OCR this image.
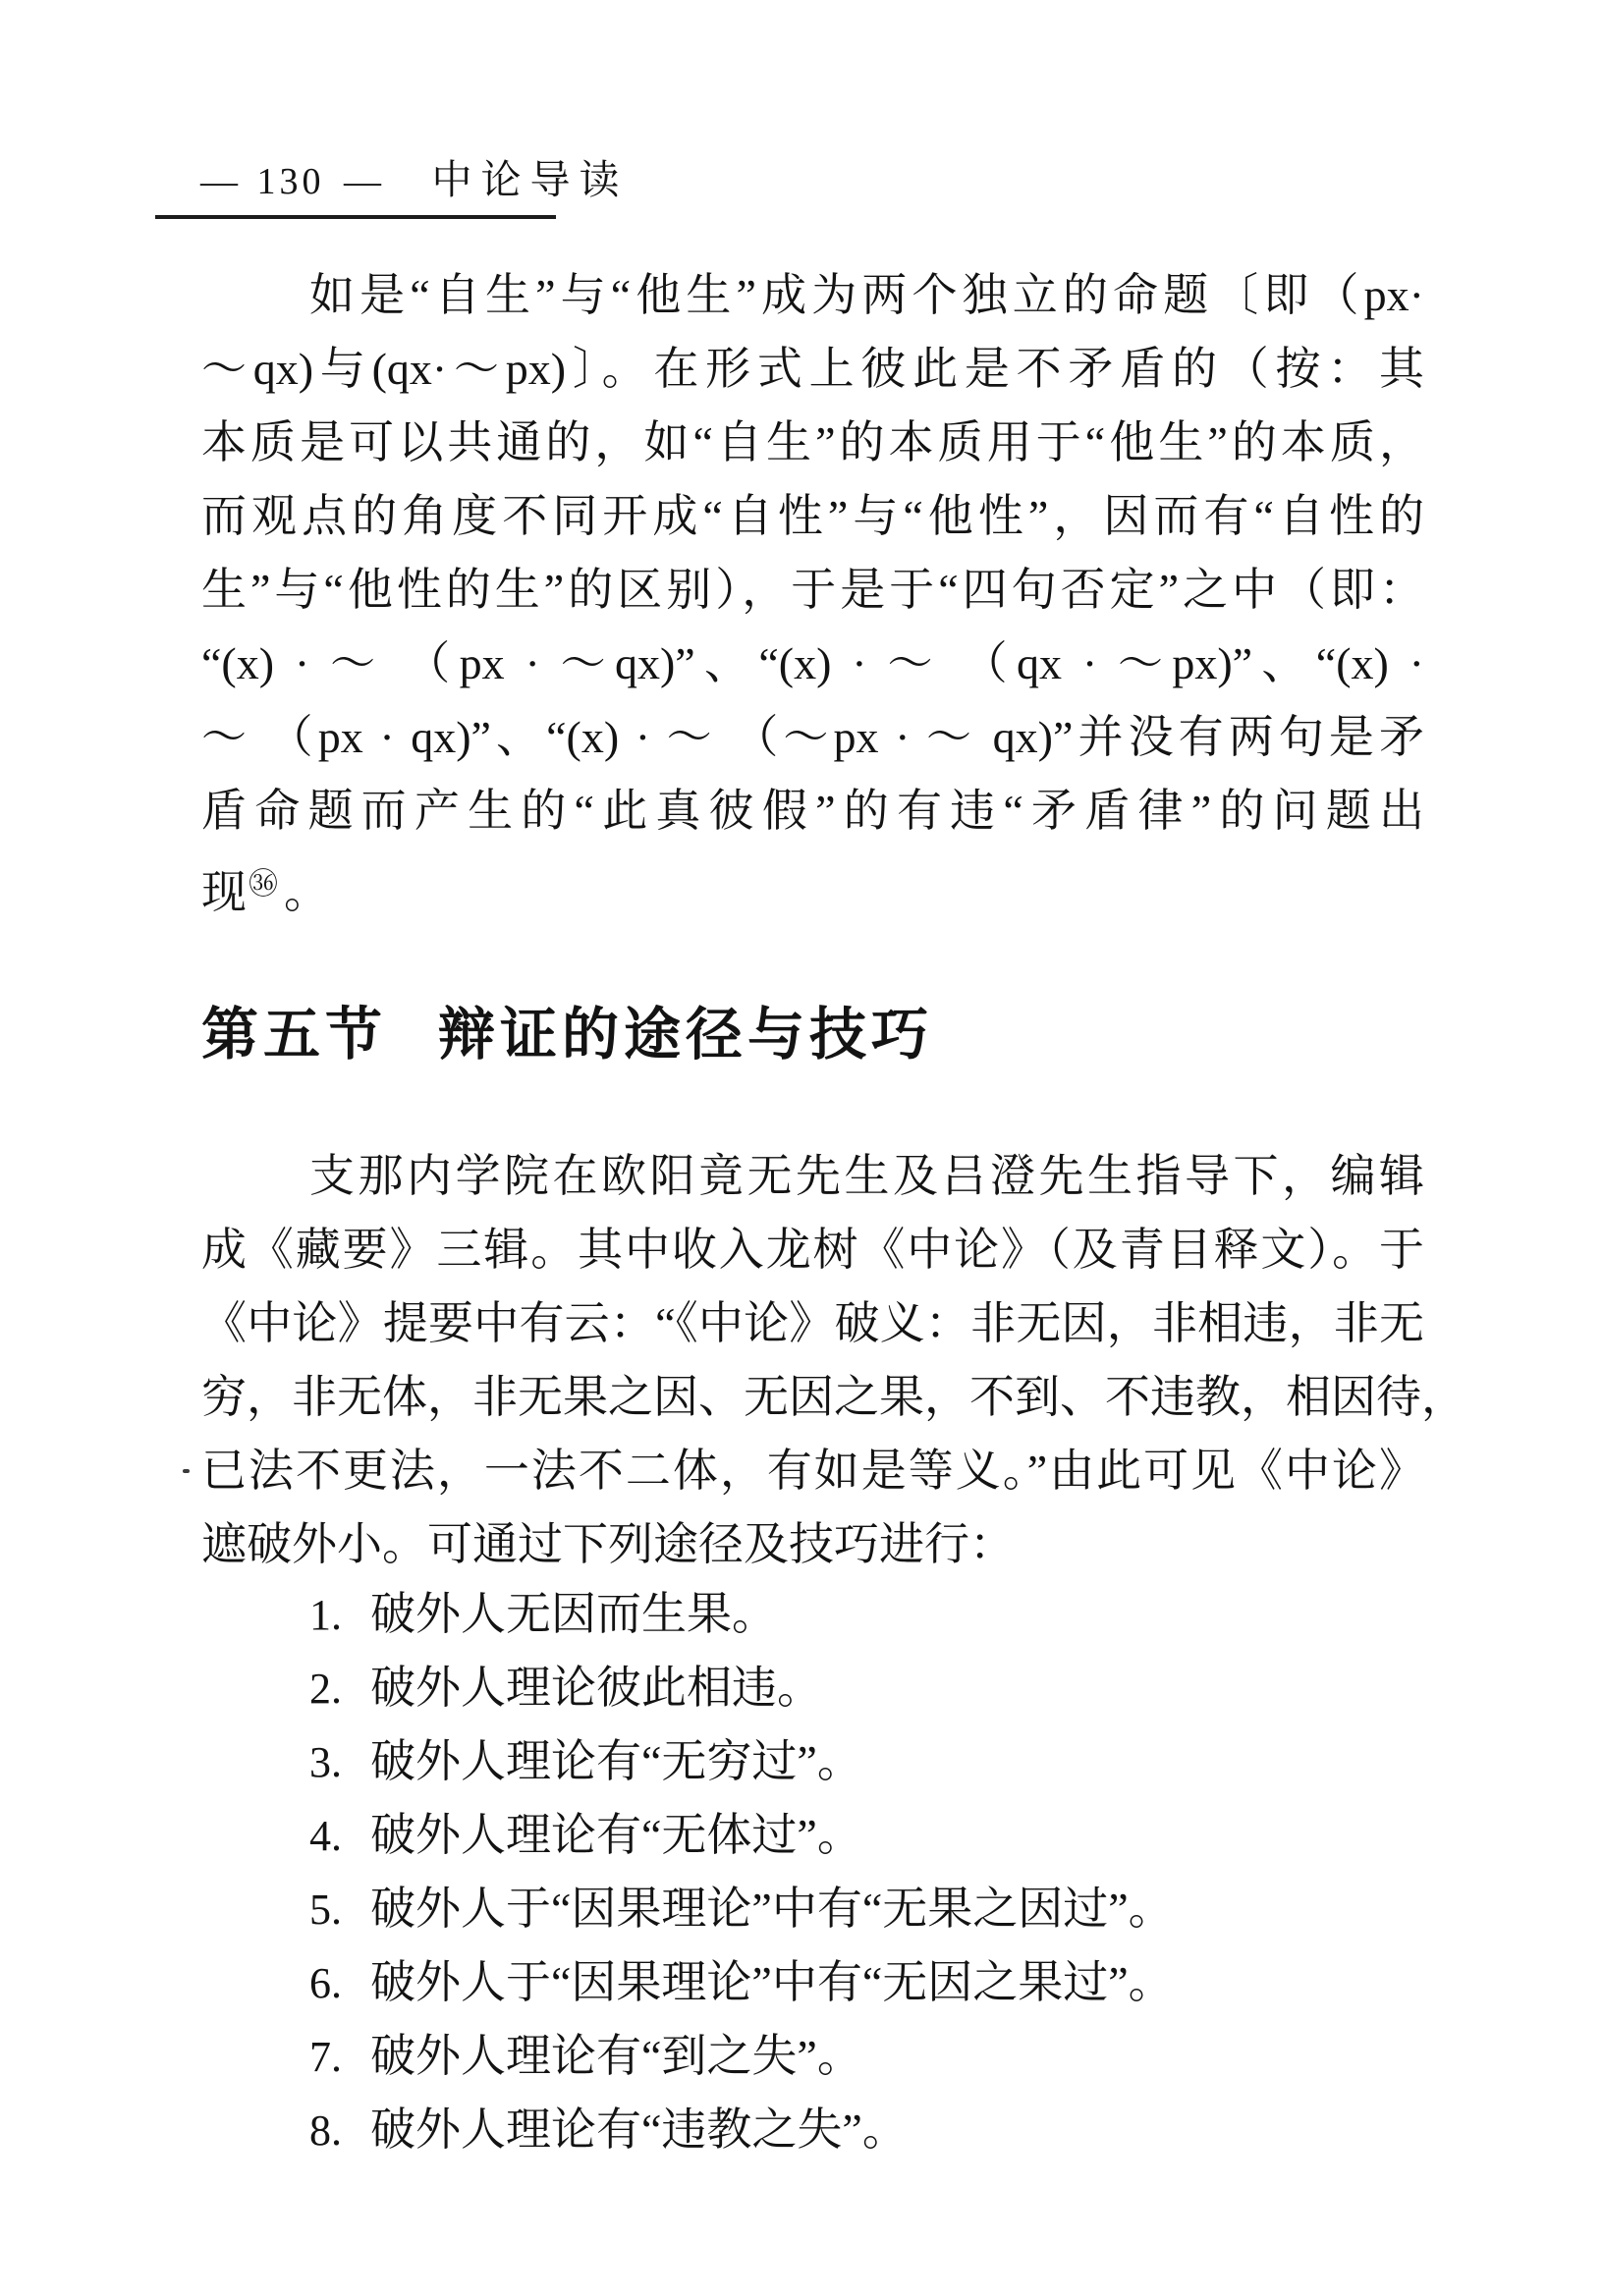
— 130 — 中论导读
如是“自生”与“他生”成为两个独立的命题〔即（px·
～qx)与(qx·～px)〕。在形式上彼此是不矛盾的（按：其
本质是可以共通的，如“自生”的本质用于“他生”的本质，
而观点的角度不同开成“自性”与“他性”，因而有“自性的
生”与“他性的生”的区别），于是于“四句否定”之中（即：
“(x) · ～ （px · ～qx)”、“(x) · ～ （qx · ～px)”、“(x) ·
～ （px · qx)”、“(x) · ～ （～px · ～ qx)”并没有两句是矛
盾命题而产生的“此真彼假”的有违“矛盾律”的问题出
现$^㊱$ 。
第五节 辩证的途径与技巧
支那内学院在欧阳竟无先生及吕澄先生指导下，编辑
成《藏要》三辑。其中收入龙树《中论》（及青目释文）。于
《中论》提要中有云：“《中论》破义：非无因，非相违，非无
穷，非无体，非无果之因、无因之果，不到、不违教，相因待，
已法不更法，一法不二体，有如是等义。”由此可见《中论》
遮破外小。可通过下列途径及技巧进行：
1. 破外人无因而生果。
2. 破外人理论彼此相违。
3. 破外人理论有“无穷过”。
4. 破外人理论有“无体过”。
5. 破外人于“因果理论”中有“无果之因过”。
6. 破外人于“因果理论”中有“无因之果过”。
7. 破外人理论有“到之失”。
8. 破外人理论有“违教之失”。
